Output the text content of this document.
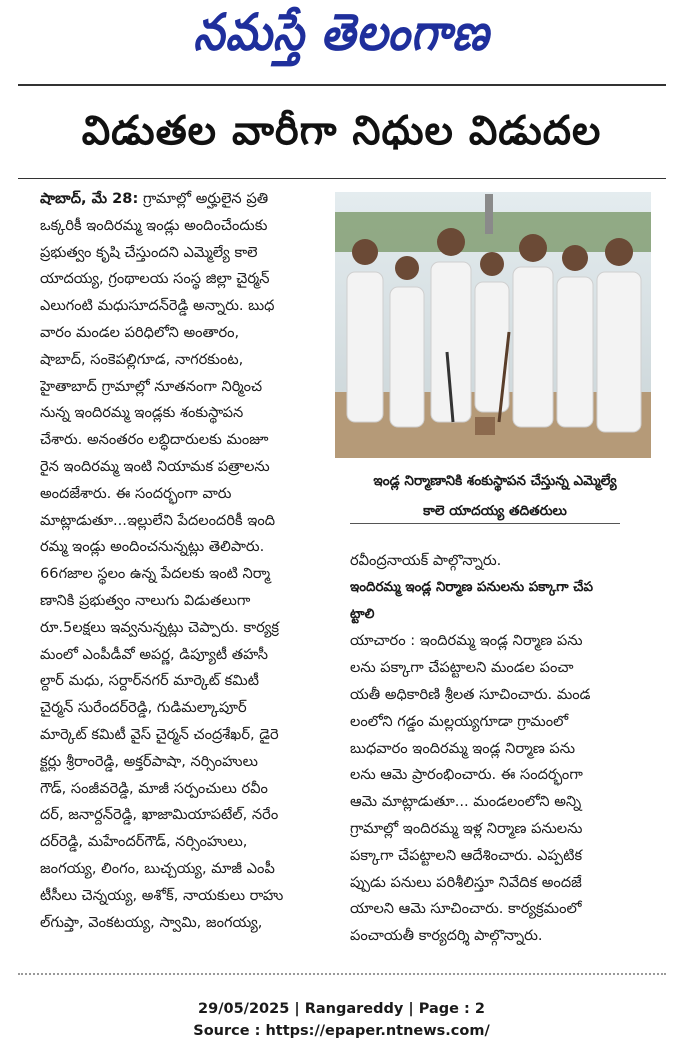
నమస్తే తెలంగాణ
విడుతల వారీగా నిధుల విడుదల
షాబాద్, మే 28: గ్రామాల్లో అర్హులైన ప్రతి
ఒక్కరికీ ఇందిరమ్మ ఇండ్లు అందించేందుకు
ప్రభుత్వం కృషి చేస్తుందని ఎమ్మెల్యే కాలె
యాదయ్య, గ్రంథాలయ సంస్థ జిల్లా చైర్మన్
ఎలుగంటి మధుసూదన్‌రెడ్డి అన్నారు. బుధ
వారం మండల పరిధిలోని అంతారం,
షాబాద్, సంకెపల్లిగూడ, నాగరకుంట,
హైతాబాద్ గ్రామాల్లో నూతనంగా నిర్మించ
నున్న ఇందిరమ్మ ఇండ్లకు శంకుస్థాపన
చేశారు. అనంతరం లబ్ధిదారులకు మంజూ
రైన ఇందిరమ్మ ఇంటి నియామక పత్రాలను
అందజేశారు. ఈ సందర్భంగా వారు
మాట్లాడుతూ...ఇల్లులేని పేదలందరికీ ఇంది
రమ్మ ఇండ్లు అందించనున్నట్లు తెలిపారు.
66గజాల స్థలం ఉన్న పేదలకు ఇంటి నిర్మా
ణానికి ప్రభుత్వం నాలుగు విడుతలుగా
రూ.5లక్షలు ఇవ్వనున్నట్లు చెప్పారు. కార్యక్ర
మంలో ఎంపీడీవో అపర్ణ, డిప్యూటీ తహసీ
ల్దార్ మధు, సర్దార్‌నగర్ మార్కెట్ కమిటీ
చైర్మన్ సురేందర్‌రెడ్డి, గుడిమల్కాపూర్
మార్కెట్ కమిటీ వైస్ చైర్మన్ చంద్రశేఖర్, డైరె
క్టర్లు శ్రీరాంరెడ్డి, అక్తర్‌పాషా, నర్సింహులు
గౌడ్, సంజీవరెడ్డి, మాజీ సర్పంచులు రవీం
దర్, జనార్దన్‌రెడ్డి, ఖాజామియాపటేల్, నరేం
దర్‌రెడ్డి, మహేందర్‌గౌడ్, నర్సింహులు,
జంగయ్య, లింగం, బుచ్చయ్య, మాజీ ఎంపీ
టీసీలు చెన్నయ్య, అశోక్, నాయకులు రాహు
ల్‌గుప్తా, వెంకటయ్య, స్వామి, జంగయ్య,
ఇండ్ల నిర్మాణానికి శంకుస్థాపన చేస్తున్న ఎమ్మెల్యే
కాలె యాదయ్య తదితరులు
రవీంద్రనాయక్ పాల్గొన్నారు.
ఇందిరమ్మ ఇండ్ల నిర్మాణ పనులను పక్కాగా చేప
ట్టాలి
యాచారం : ఇందిరమ్మ ఇండ్ల నిర్మాణ పను
లను పక్కాగా చేపట్టాలని మండల పంచా
యతీ అధికారిణి శ్రీలత సూచించారు. మండ
లంలోని గడ్డం మల్లయ్యగూడా గ్రామంలో
బుధవారం ఇందిరమ్మ ఇండ్ల నిర్మాణ పను
లను ఆమె ప్రారంభించారు. ఈ సందర్భంగా
ఆమె మాట్లాడుతూ... మండలంలోని అన్ని
గ్రామాల్లో ఇందిరమ్మ ఇళ్ల నిర్మాణ పనులను
పక్కాగా చేపట్టాలని ఆదేశించారు. ఎప్పటిక
ప్పుడు పనులు పరిశీలిస్తూ నివేదిక అందజే
యాలని ఆమె సూచించారు. కార్యక్రమంలో
పంచాయతీ కార్యదర్శి పాల్గొన్నారు.
29/05/2025 | Rangareddy | Page : 2
Source : https://epaper.ntnews.com/
